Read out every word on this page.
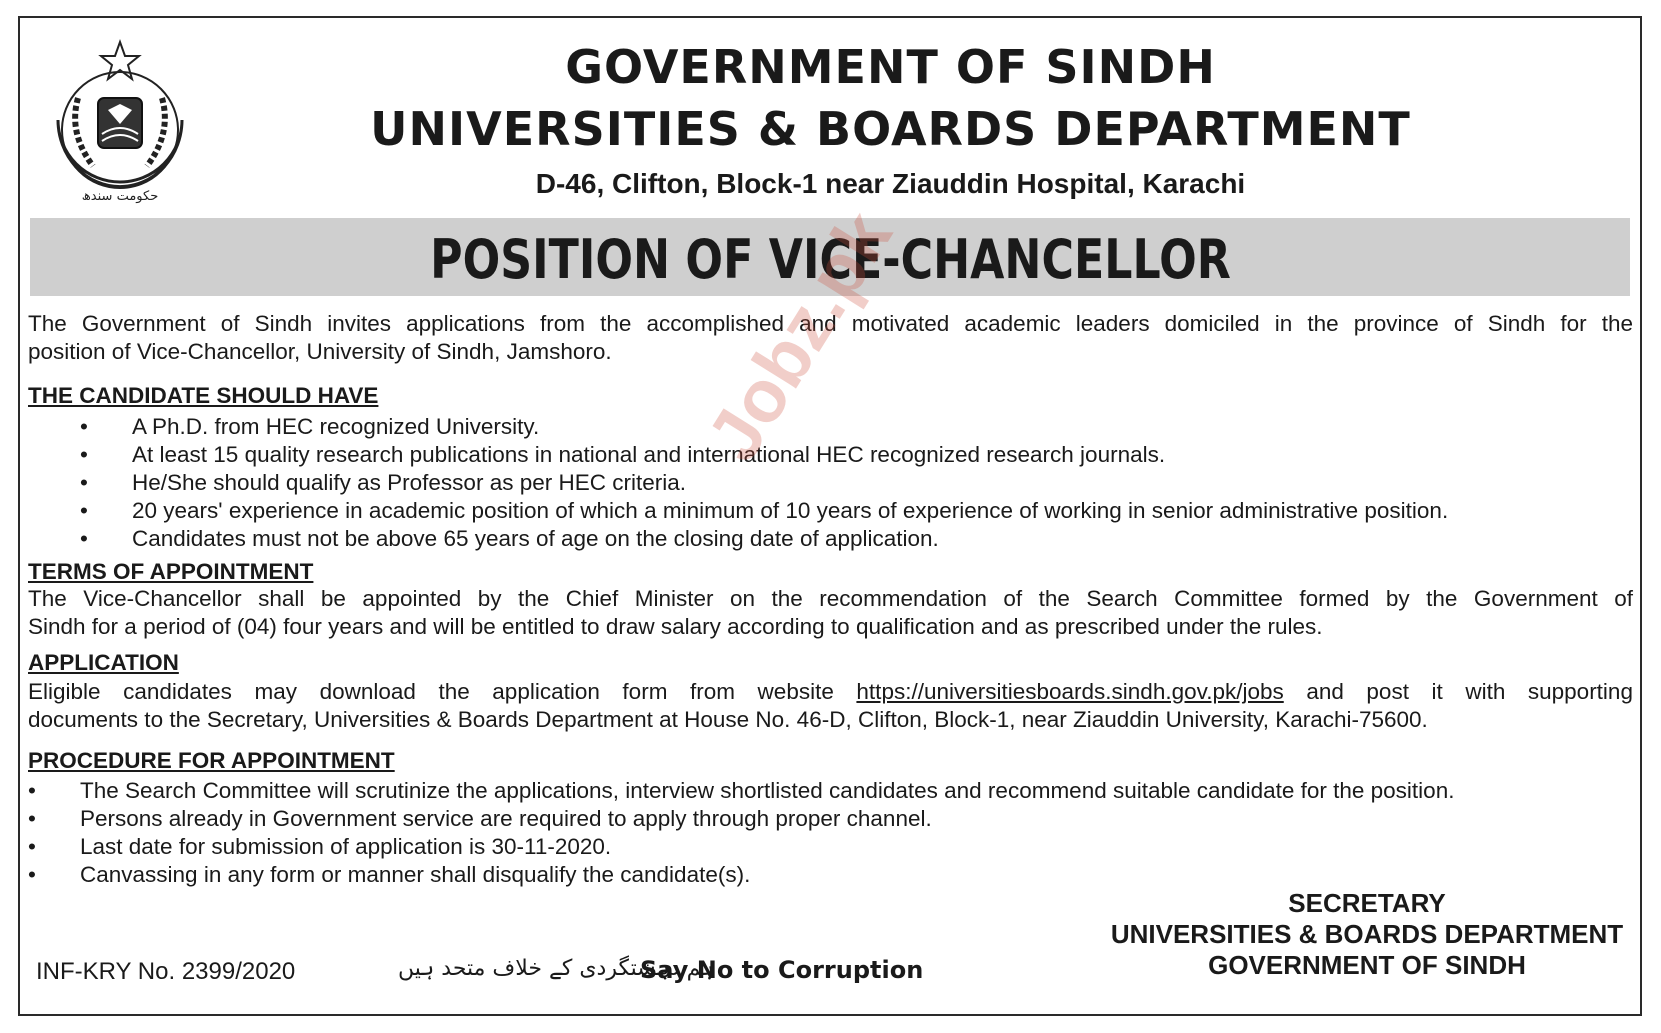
حکومت سندھ

GOVERNMENT OF SINDH

UNIVERSITIES & BOARDS DEPARTMENT

D-46, Clifton, Block-1 near Ziauddin Hospital, Karachi

POSITION OF VICE-CHANCELLOR

The Government of Sindh invites applications from the accomplished and motivated academic leaders domiciled in the province of Sindh for the

position of Vice-Chancellor, University of Sindh, Jamshoro.

THE CANDIDATE SHOULD HAVE

• A Ph.D. from HEC recognized University.
• At least 15 quality research publications in national and international HEC recognized research journals.
• He/She should qualify as Professor as per HEC criteria.
• 20 years' experience in academic position of which a minimum of 10 years of experience of working in senior administrative position.
• Candidates must not be above 65 years of age on the closing date of application.

TERMS OF APPOINTMENT

The Vice-Chancellor shall be appointed by the Chief Minister on the recommendation of the Search Committee formed by the Government of

Sindh for a period of (04) four years and will be entitled to draw salary according to qualification and as prescribed under the rules.

APPLICATION

Eligible candidates may download the application form from website https://universitiesboards.sindh.gov.pk/jobs and post it with supporting

documents to the Secretary, Universities & Boards Department at House No. 46-D, Clifton, Block-1, near Ziauddin University, Karachi-75600.

PROCEDURE FOR APPOINTMENT

• The Search Committee will scrutinize the applications, interview shortlisted candidates and recommend suitable candidate for the position.
• Persons already in Government service are required to apply through proper channel.
• Last date for submission of application is 30-11-2020.
• Canvassing in any form or manner shall disqualify the candidate(s).

SECRETARY

UNIVERSITIES & BOARDS DEPARTMENT

GOVERNMENT OF SINDH

INF-KRY No. 2399/2020	ہم دہشتگردی کے خلاف متحد ہیں

Say No to Corruption

Jobz.pk
